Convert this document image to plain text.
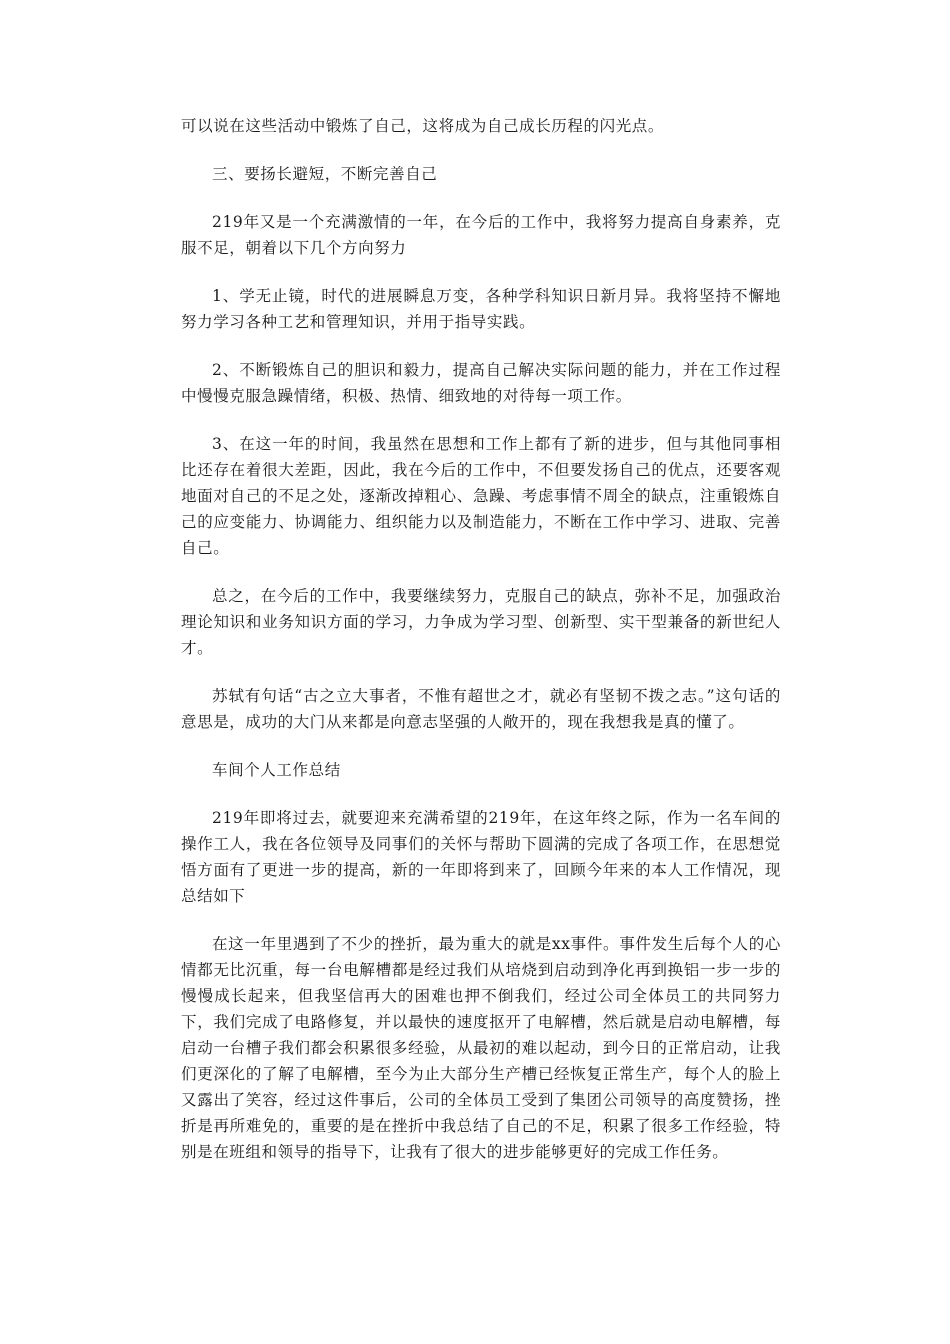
可以说在这些活动中锻炼了自己，这将成为自己成长历程的闪光点。

三、要扬长避短，不断完善自己

219年又是一个充满激情的一年，在今后的工作中，我将努力提高自身素养，克服不足，朝着以下几个方向努力

1、学无止镜，时代的进展瞬息万变，各种学科知识日新月异。我将坚持不懈地努力学习各种工艺和管理知识，并用于指导实践。

2、不断锻炼自己的胆识和毅力，提高自己解决实际问题的能力，并在工作过程中慢慢克服急躁情绪，积极、热情、细致地的对待每一项工作。

3、在这一年的时间，我虽然在思想和工作上都有了新的进步，但与其他同事相比还存在着很大差距，因此，我在今后的工作中，不但要发扬自己的优点，还要客观地面对自己的不足之处，逐渐改掉粗心、急躁、考虑事情不周全的缺点，注重锻炼自己的应变能力、协调能力、组织能力以及制造能力，不断在工作中学习、进取、完善自己。

总之，在今后的工作中，我要继续努力，克服自己的缺点，弥补不足，加强政治理论知识和业务知识方面的学习，力争成为学习型、创新型、实干型兼备的新世纪人才。

苏轼有句话“古之立大事者，不惟有超世之才，就必有坚韧不拨之志。”这句话的意思是，成功的大门从来都是向意志坚强的人敞开的，现在我想我是真的懂了。

车间个人工作总结

219年即将过去，就要迎来充满希望的219年，在这年终之际，作为一名车间的操作工人，我在各位领导及同事们的关怀与帮助下圆满的完成了各项工作，在思想觉悟方面有了更进一步的提高，新的一年即将到来了，回顾今年来的本人工作情况，现总结如下

在这一年里遇到了不少的挫折，最为重大的就是xx事件。事件发生后每个人的心情都无比沉重，每一台电解槽都是经过我们从培烧到启动到净化再到换铝一步一步的慢慢成长起来，但我坚信再大的困难也押不倒我们，经过公司全体员工的共同努力下，我们完成了电路修复，并以最快的速度抠开了电解槽，然后就是启动电解槽，每启动一台槽子我们都会积累很多经验，从最初的难以起动，到今日的正常启动，让我们更深化的了解了电解槽，至今为止大部分生产槽已经恢复正常生产，每个人的脸上又露出了笑容，经过这件事后，公司的全体员工受到了集团公司领导的高度赞扬，挫折是再所难免的，重要的是在挫折中我总结了自己的不足，积累了很多工作经验，特别是在班组和领导的指导下，让我有了很大的进步能够更好的完成工作任务。
